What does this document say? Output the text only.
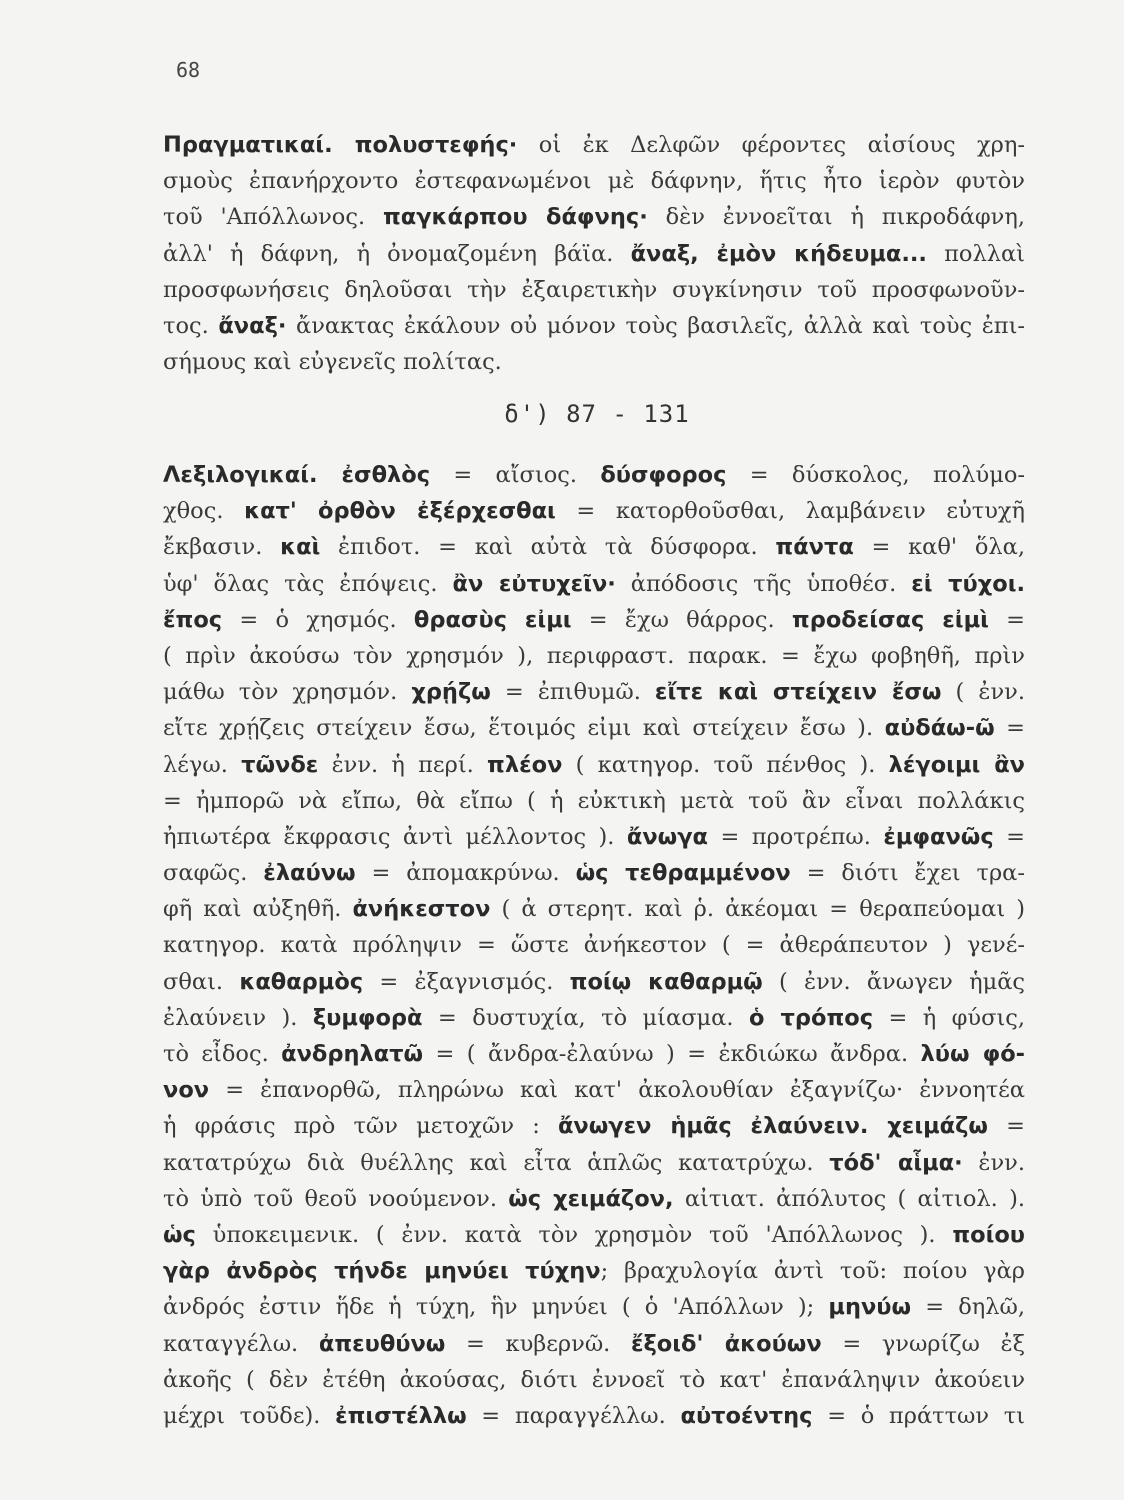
68
Πραγματικαί. πολυστεφής· οἱ ἐκ Δελφῶν φέροντες αἰσίους χρη-
σμοὺς ἐπανήρχοντο ἐστεφανωμένοι μὲ δάφνην, ἥτις ἦτο ἱερὸν φυτὸν
τοῦ 'Απόλλωνος. παγκάρπου δάφνης· δὲν ἐννοεῖται ἡ πικροδάφνη,
ἀλλ' ἡ δάφνη, ἡ ὀνομαζομένη βάϊα. ἄναξ, ἐμὸν κήδευμα... πολλαὶ
προσφωνήσεις δηλοῦσαι τὴν ἐξαιρετικὴν συγκίνησιν τοῦ προσφωνοῦν-
τος. ἄναξ· ἄνακτας ἐκάλουν οὐ μόνον τοὺς βασιλεῖς, ἀλλὰ καὶ τοὺς ἐπι-
σήμους καὶ εὐγενεῖς πολίτας.
δ') 87 - 131
Λεξιλογικαί. ἐσθλὸς = αἴσιος. δύσφορος = δύσκολος, πολύμο-
χθος. κατ' ὀρθὸν ἐξέρχεσθαι = κατορθοῦσθαι, λαμβάνειν εὐτυχῆ
ἔκβασιν. καὶ ἐπιδοτ. = καὶ αὐτὰ τὰ δύσφορα. πάντα = καθ' ὅλα,
ὑφ' ὅλας τὰς ἐπόψεις. ἂν εὐτυχεῖν· ἀπόδοσις τῆς ὑποθέσ. εἰ τύχοι.
ἔπος = ὁ χησμός. θρασὺς εἰμι = ἔχω θάρρος. προδείσας εἰμὶ =
( πρὶν ἀκούσω τὸν χρησμόν ), περιφραστ. παρακ. = ἔχω φοβηθῆ, πρὶν
μάθω τὸν χρησμόν. χρῄζω = ἐπιθυμῶ. εἴτε καὶ στείχειν ἔσω ( ἐνν.
εἴτε χρῄζεις στείχειν ἔσω, ἕτοιμός εἰμι καὶ στείχειν ἔσω ). αὐδάω-ῶ =
λέγω. τῶνδε ἐνν. ἡ περί. πλέον ( κατηγορ. τοῦ πένθος ). λέγοιμι ἂν
= ἠμπορῶ νὰ εἴπω, θὰ εἴπω ( ἡ εὐκτικὴ μετὰ τοῦ ἂν εἶναι πολλάκις
ἠπιωτέρα ἔκφρασις ἀντὶ μέλλοντος ). ἄνωγα = προτρέπω. ἐμφανῶς =
σαφῶς. ἐλαύνω = ἀπομακρύνω. ὡς τεθραμμένον = διότι ἔχει τρα-
φῆ καὶ αὐξηθῆ. ἀνήκεστον ( ἀ στερητ. καὶ ῥ. ἀκέομαι = θεραπεύομαι )
κατηγορ. κατὰ πρόληψιν = ὥστε ἀνήκεστον ( = ἀθεράπευτον ) γενέ-
σθαι. καθαρμὸς = ἐξαγνισμός. ποίῳ καθαρμῷ ( ἐνν. ἄνωγεν ἡμᾶς
ἐλαύνειν ). ξυμφορὰ = δυστυχία, τὸ μίασμα. ὁ τρόπος = ἡ φύσις,
τὸ εἶδος. ἀνδρηλατῶ = ( ἄνδρα-ἐλαύνω ) = ἐκδιώκω ἄνδρα. λύω φό-
νον = ἐπανορθῶ, πληρώνω καὶ κατ' ἀκολουθίαν ἐξαγνίζω· ἐννοητέα
ἡ φράσις πρὸ τῶν μετοχῶν : ἄνωγεν ἡμᾶς ἐλαύνειν. χειμάζω =
κατατρύχω διὰ θυέλλης καὶ εἶτα ἁπλῶς κατατρύχω. τόδ' αἷμα· ἐνν.
τὸ ὑπὸ τοῦ θεοῦ νοούμενον. ὡς χειμάζον, αἰτιατ. ἀπόλυτος ( αἰτιολ. ).
ὡς ὑποκειμενικ. ( ἐνν. κατὰ τὸν χρησμὸν τοῦ 'Απόλλωνος ). ποίου
γὰρ ἀνδρὸς τήνδε μηνύει τύχην; βραχυλογία ἀντὶ τοῦ: ποίου γὰρ
ἀνδρός ἐστιν ἥδε ἡ τύχη, ἣν μηνύει ( ὁ 'Απόλλων ); μηνύω = δηλῶ,
καταγγέλω. ἀπευθύνω = κυβερνῶ. ἔξοιδ' ἀκούων = γνωρίζω ἐξ
ἀκοῆς ( δὲν ἐτέθη ἀκούσας, διότι ἐννοεῖ τὸ κατ' ἐπανάληψιν ἀκούειν
μέχρι τοῦδε). ἐπιστέλλω = παραγγέλλω. αὐτοέντης = ὁ πράττων τι
